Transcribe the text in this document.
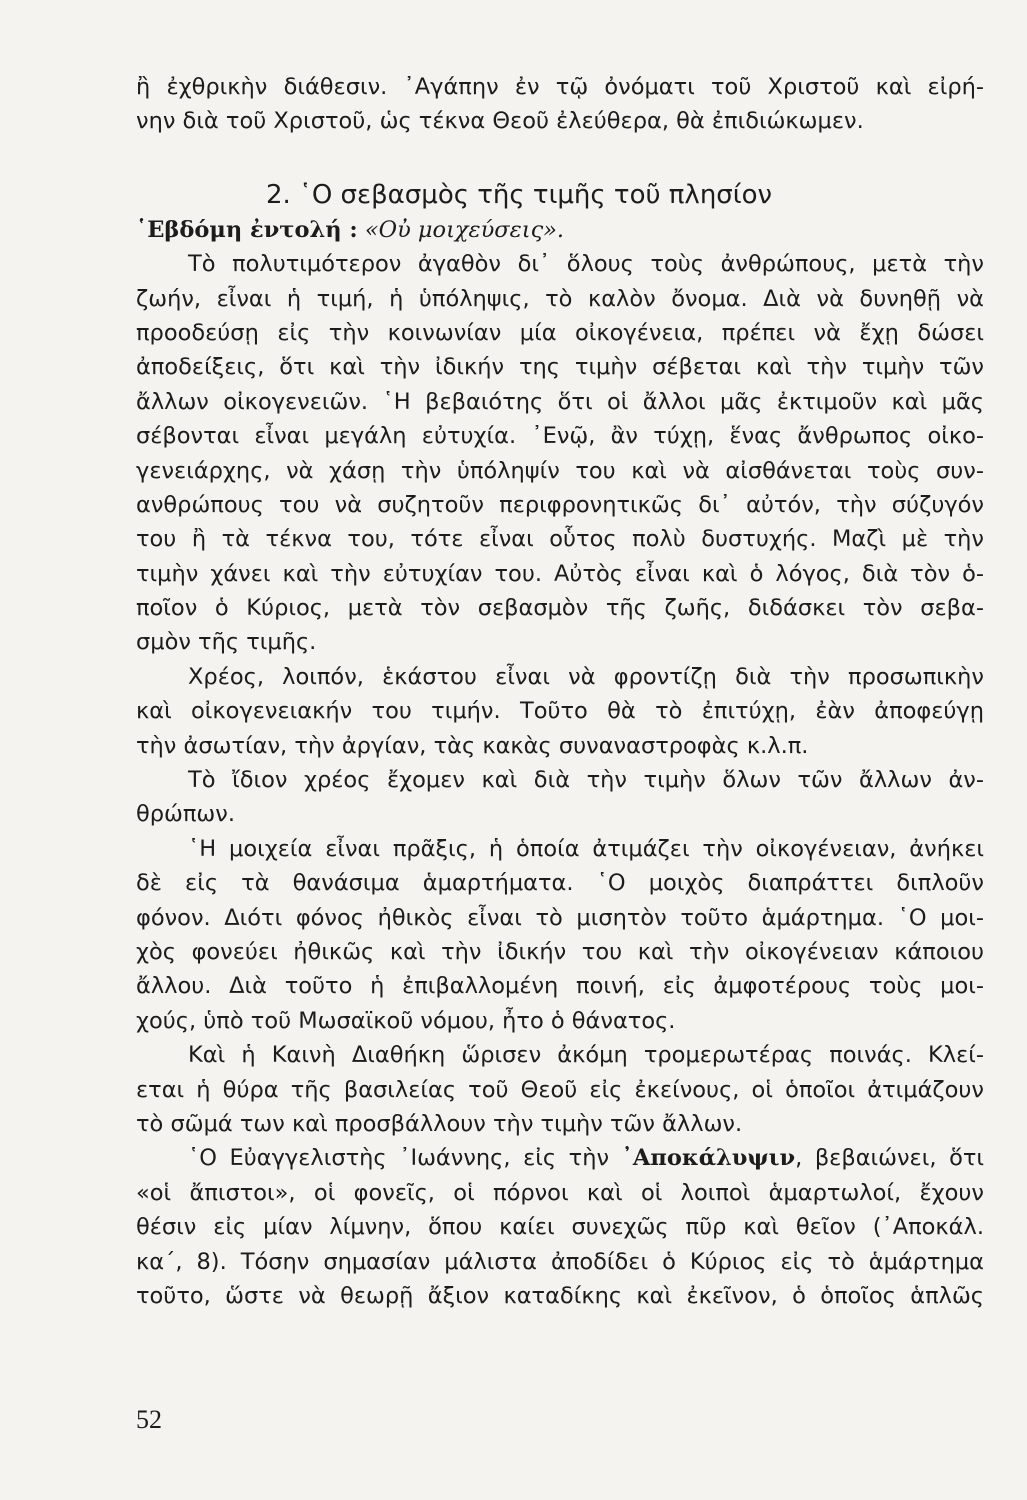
ἢ ἐχθρικὴν διάθεσιν. ᾿Αγάπην ἐν τῷ ὀνόματι τοῦ Χριστοῦ καὶ εἰρή-
νην διὰ τοῦ Χριστοῦ, ὡς τέκνα Θεοῦ ἐλεύθερα, θὰ ἐπιδιώκωμεν.
2. ῾Ο σεβασμὸς τῆς τιμῆς τοῦ πλησίον
῾Εβδόμη ἐντολή : «Οὐ μοιχεύσεις».
Τὸ πολυτιμότερον ἀγαθὸν δι᾿ ὅλους τοὺς ἀνθρώπους, μετὰ τὴν
ζωήν, εἶναι ἡ τιμή, ἡ ὑπόληψις, τὸ καλὸν ὄνομα. Διὰ νὰ δυνηθῇ νὰ
προοδεύσῃ εἰς τὴν κοινωνίαν μία οἰκογένεια, πρέπει νὰ ἔχῃ δώσει
ἀποδείξεις, ὅτι καὶ τὴν ἰδικήν της τιμὴν σέβεται καὶ τὴν τιμὴν τῶν
ἄλλων οἰκογενειῶν. ῾Η βεβαιότης ὅτι οἱ ἄλλοι μᾶς ἐκτιμοῦν καὶ μᾶς
σέβονται εἶναι μεγάλη εὐτυχία. ᾿Ενῷ, ἂν τύχῃ, ἕνας ἄνθρωπος οἰκο-
γενειάρχης, νὰ χάσῃ τὴν ὑπόληψίν του καὶ νὰ αἰσθάνεται τοὺς συν-
ανθρώπους του νὰ συζητοῦν περιφρονητικῶς δι᾿ αὐτόν, τὴν σύζυγόν
του ἢ τὰ τέκνα του, τότε εἶναι οὗτος πολὺ δυστυχής. Μαζὶ μὲ τὴν
τιμὴν χάνει καὶ τὴν εὐτυχίαν του. Αὐτὸς εἶναι καὶ ὁ λόγος, διὰ τὸν ὁ-
ποῖον ὁ Κύριος, μετὰ τὸν σεβασμὸν τῆς ζωῆς, διδάσκει τὸν σεβα-
σμὸν τῆς τιμῆς.
Χρέος, λοιπόν, ἑκάστου εἶναι νὰ φροντίζῃ διὰ τὴν προσωπικὴν
καὶ οἰκογενειακήν του τιμήν. Τοῦτο θὰ τὸ ἐπιτύχῃ, ἐὰν ἀποφεύγῃ
τὴν ἀσωτίαν, τὴν ἀργίαν, τὰς κακὰς συναναστροφὰς κ.λ.π.
Τὸ ἴδιον χρέος ἔχομεν καὶ διὰ τὴν τιμὴν ὅλων τῶν ἄλλων ἀν-
θρώπων.
῾Η μοιχεία εἶναι πρᾶξις, ἡ ὁποία ἀτιμάζει τὴν οἰκογένειαν, ἀνήκει
δὲ εἰς τὰ θανάσιμα ἁμαρτήματα. ῾Ο μοιχὸς διαπράττει διπλοῦν
φόνον. Διότι φόνος ἠθικὸς εἶναι τὸ μισητὸν τοῦτο ἁμάρτημα. ῾Ο μοι-
χὸς φονεύει ἠθικῶς καὶ τὴν ἰδικήν του καὶ τὴν οἰκογένειαν κάποιου
ἄλλου. Διὰ τοῦτο ἡ ἐπιβαλλομένη ποινή, εἰς ἀμφοτέρους τοὺς μοι-
χούς, ὑπὸ τοῦ Μωσαϊκοῦ νόμου, ἦτο ὁ θάνατος.
Καὶ ἡ Καινὴ Διαθήκη ὥρισεν ἀκόμη τρομερωτέρας ποινάς. Κλεί-
εται ἡ θύρα τῆς βασιλείας τοῦ Θεοῦ εἰς ἐκείνους, οἱ ὁποῖοι ἀτιμάζουν
τὸ σῶμά των καὶ προσβάλλουν τὴν τιμὴν τῶν ἄλλων.
῾Ο Εὐαγγελιστὴς ᾿Ιωάννης, εἰς τὴν ᾿Αποκάλυψιν, βεβαιώνει, ὅτι
«οἱ ἄπιστοι», οἱ φονεῖς, οἱ πόρνοι καὶ οἱ λοιποὶ ἁμαρτωλοί, ἔχουν
θέσιν εἰς μίαν λίμνην, ὅπου καίει συνεχῶς πῦρ καὶ θεῖον (᾿Αποκάλ.
κα΄, 8). Τόσην σημασίαν μάλιστα ἀποδίδει ὁ Κύριος εἰς τὸ ἁμάρτημα
τοῦτο, ὥστε νὰ θεωρῇ ἄξιον καταδίκης καὶ ἐκεῖνον, ὁ ὁποῖος ἁπλῶς
52
